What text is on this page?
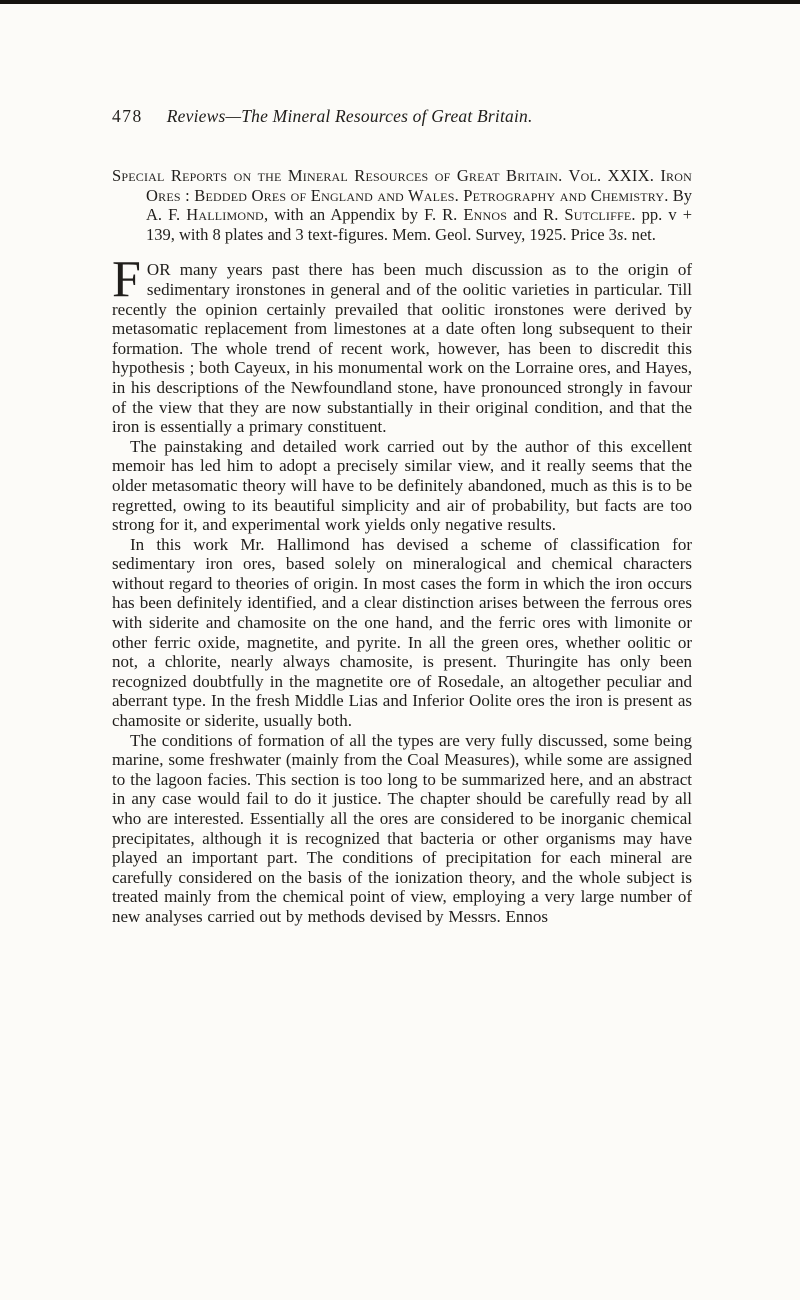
478 Reviews—The Mineral Resources of Great Britain.

Special Reports on the Mineral Resources of Great Britain. Vol. XXIX. Iron Ores : Bedded Ores of England and Wales. Petrography and Chemistry. By A. F. Hallimond, with an Appendix by F. R. Ennos and R. Sutcliffe. pp. v + 139, with 8 plates and 3 text-figures. Mem. Geol. Survey, 1925. Price 3s. net.

FOR many years past there has been much discussion as to the origin of sedimentary ironstones in general and of the oolitic varieties in particular. Till recently the opinion certainly prevailed that oolitic ironstones were derived by metasomatic replacement from limestones at a date often long subsequent to their formation. The whole trend of recent work, however, has been to discredit this hypothesis ; both Cayeux, in his monumental work on the Lorraine ores, and Hayes, in his descriptions of the Newfoundland stone, have pronounced strongly in favour of the view that they are now substantially in their original condition, and that the iron is essentially a primary constituent.

The painstaking and detailed work carried out by the author of this excellent memoir has led him to adopt a precisely similar view, and it really seems that the older metasomatic theory will have to be definitely abandoned, much as this is to be regretted, owing to its beautiful simplicity and air of probability, but facts are too strong for it, and experimental work yields only negative results.

In this work Mr. Hallimond has devised a scheme of classification for sedimentary iron ores, based solely on mineralogical and chemical characters without regard to theories of origin. In most cases the form in which the iron occurs has been definitely identified, and a clear distinction arises between the ferrous ores with siderite and chamosite on the one hand, and the ferric ores with limonite or other ferric oxide, magnetite, and pyrite. In all the green ores, whether oolitic or not, a chlorite, nearly always chamosite, is present. Thuringite has only been recognized doubtfully in the magnetite ore of Rosedale, an altogether peculiar and aberrant type. In the fresh Middle Lias and Inferior Oolite ores the iron is present as chamosite or siderite, usually both.

The conditions of formation of all the types are very fully discussed, some being marine, some freshwater (mainly from the Coal Measures), while some are assigned to the lagoon facies. This section is too long to be summarized here, and an abstract in any case would fail to do it justice. The chapter should be carefully read by all who are interested. Essentially all the ores are considered to be inorganic chemical precipitates, although it is recognized that bacteria or other organisms may have played an important part. The conditions of precipitation for each mineral are carefully considered on the basis of the ionization theory, and the whole subject is treated mainly from the chemical point of view, employing a very large number of new analyses carried out by methods devised by Messrs. Ennos
